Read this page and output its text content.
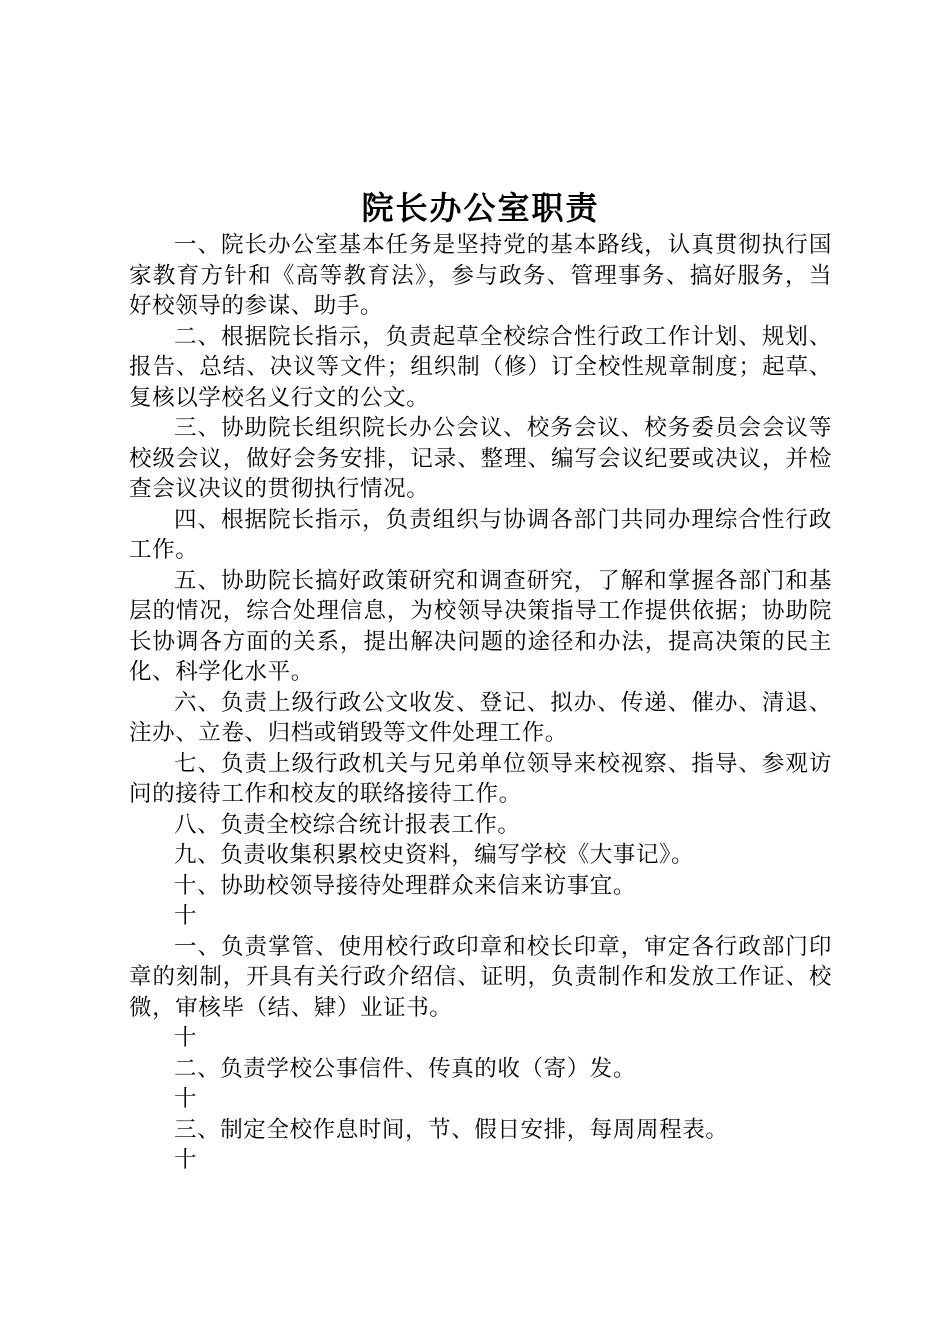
院长办公室职责

一、院长办公室基本任务是坚持党的基本路线，认真贯彻执行国家教育方针和《高等教育法》，参与政务、管理事务、搞好服务，当好校领导的参谋、助手。

二、根据院长指示，负责起草全校综合性行政工作计划、规划、报告、总结、决议等文件；组织制（修）订全校性规章制度；起草、复核以学校名义行文的公文。

三、协助院长组织院长办公会议、校务会议、校务委员会会议等校级会议，做好会务安排，记录、整理、编写会议纪要或决议，并检查会议决议的贯彻执行情况。

四、根据院长指示，负责组织与协调各部门共同办理综合性行政工作。

五、协助院长搞好政策研究和调查研究，了解和掌握各部门和基层的情况，综合处理信息，为校领导决策指导工作提供依据；协助院长协调各方面的关系，提出解决问题的途径和办法，提高决策的民主化、科学化水平。

六、负责上级行政公文收发、登记、拟办、传递、催办、清退、注办、立卷、归档或销毁等文件处理工作。

七、负责上级行政机关与兄弟单位领导来校视察、指导、参观访问的接待工作和校友的联络接待工作。

八、负责全校综合统计报表工作。

九、负责收集积累校史资料，编写学校《大事记》。

十、协助校领导接待处理群众来信来访事宜。

十

一、负责掌管、使用校行政印章和校长印章，审定各行政部门印章的刻制，开具有关行政介绍信、证明，负责制作和发放工作证、校微，审核毕（结、肄）业证书。

十

二、负责学校公事信件、传真的收（寄）发。

十

三、制定全校作息时间，节、假日安排，每周周程表。

十
